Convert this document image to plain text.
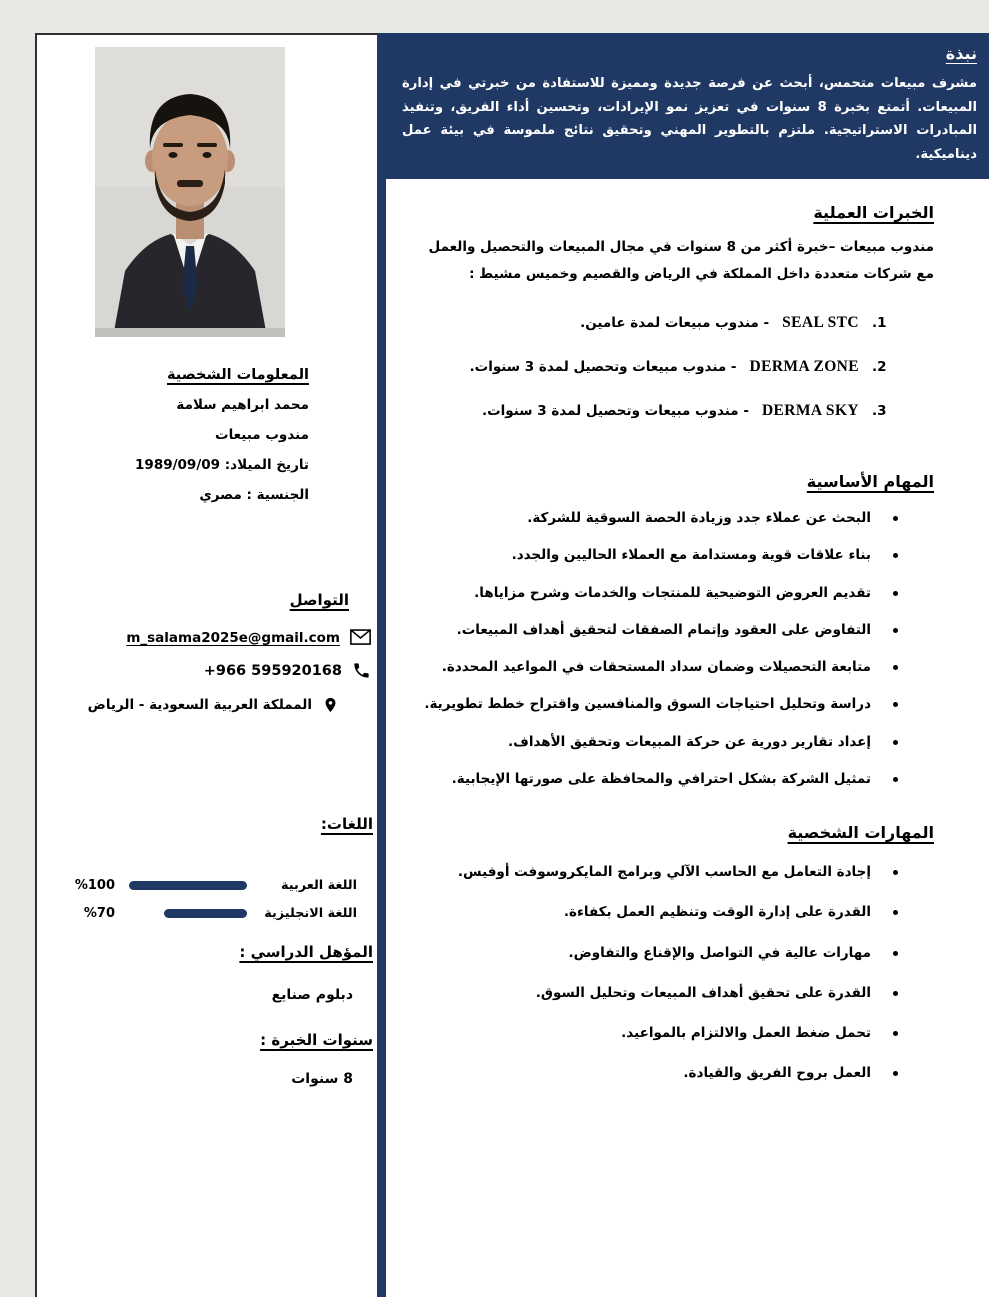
المعلومات الشخصية
محمد ابراهيم سلامة
مندوب مبيعات
تاريخ الميلاد: 1989/09/09
الجنسية : مصري
التواصل
m_salama2025e@gmail.com
+966 595920168
المملكة العربية السعودية - الرياض
اللغات:
اللغة العربية
%100
اللغة الانجليزية
%70
المؤهل الدراسي :
دبلوم صنايع
سنوات الخبرة :
8 سنوات
نبذة
مشرف مبيعات متحمس، أبحث عن فرصة جديدة ومميزة للاستفادة من خبرتي في إدارة المبيعات. أتمتع بخبرة 8 سنوات في تعزيز نمو الإيرادات، وتحسين أداء الفريق، وتنفيذ المبادرات الاستراتيجية. ملتزم بالتطوير المهني وتحقيق نتائج ملموسة في بيئة عمل ديناميكية.
الخبرات العملية
مندوب مبيعات –خبرة أكثر من 8 سنوات في مجال المبيعات والتحصيل والعمل مع شركات متعددة داخل المملكة في الرياض والقصيم وخميس مشيط :
.1
SEAL STC
- مندوب مبيعات لمدة عامين.
.2
DERMA ZONE
- مندوب مبيعات وتحصيل لمدة 3 سنوات.
.3
DERMA SKY
- مندوب مبيعات وتحصيل لمدة 3 سنوات.
المهام الأساسية
البحث عن عملاء جدد وزيادة الحصة السوقية للشركة.
بناء علاقات قوية ومستدامة مع العملاء الحاليين والجدد.
تقديم العروض التوضيحية للمنتجات والخدمات وشرح مزاياها.
التفاوض على العقود وإتمام الصفقات لتحقيق أهداف المبيعات.
متابعة التحصيلات وضمان سداد المستحقات في المواعيد المحددة.
دراسة وتحليل احتياجات السوق والمنافسين واقتراح خطط تطويرية.
إعداد تقارير دورية عن حركة المبيعات وتحقيق الأهداف.
تمثيل الشركة بشكل احترافي والمحافظة على صورتها الإيجابية.
المهارات الشخصية
إجادة التعامل مع الحاسب الآلي وبرامج المايكروسوفت أوفيس.
القدرة على إدارة الوقت وتنظيم العمل بكفاءة.
مهارات عالية في التواصل والإقناع والتفاوض.
القدرة على تحقيق أهداف المبيعات وتحليل السوق.
تحمل ضغط العمل والالتزام بالمواعيد.
العمل بروح الفريق والقيادة.
